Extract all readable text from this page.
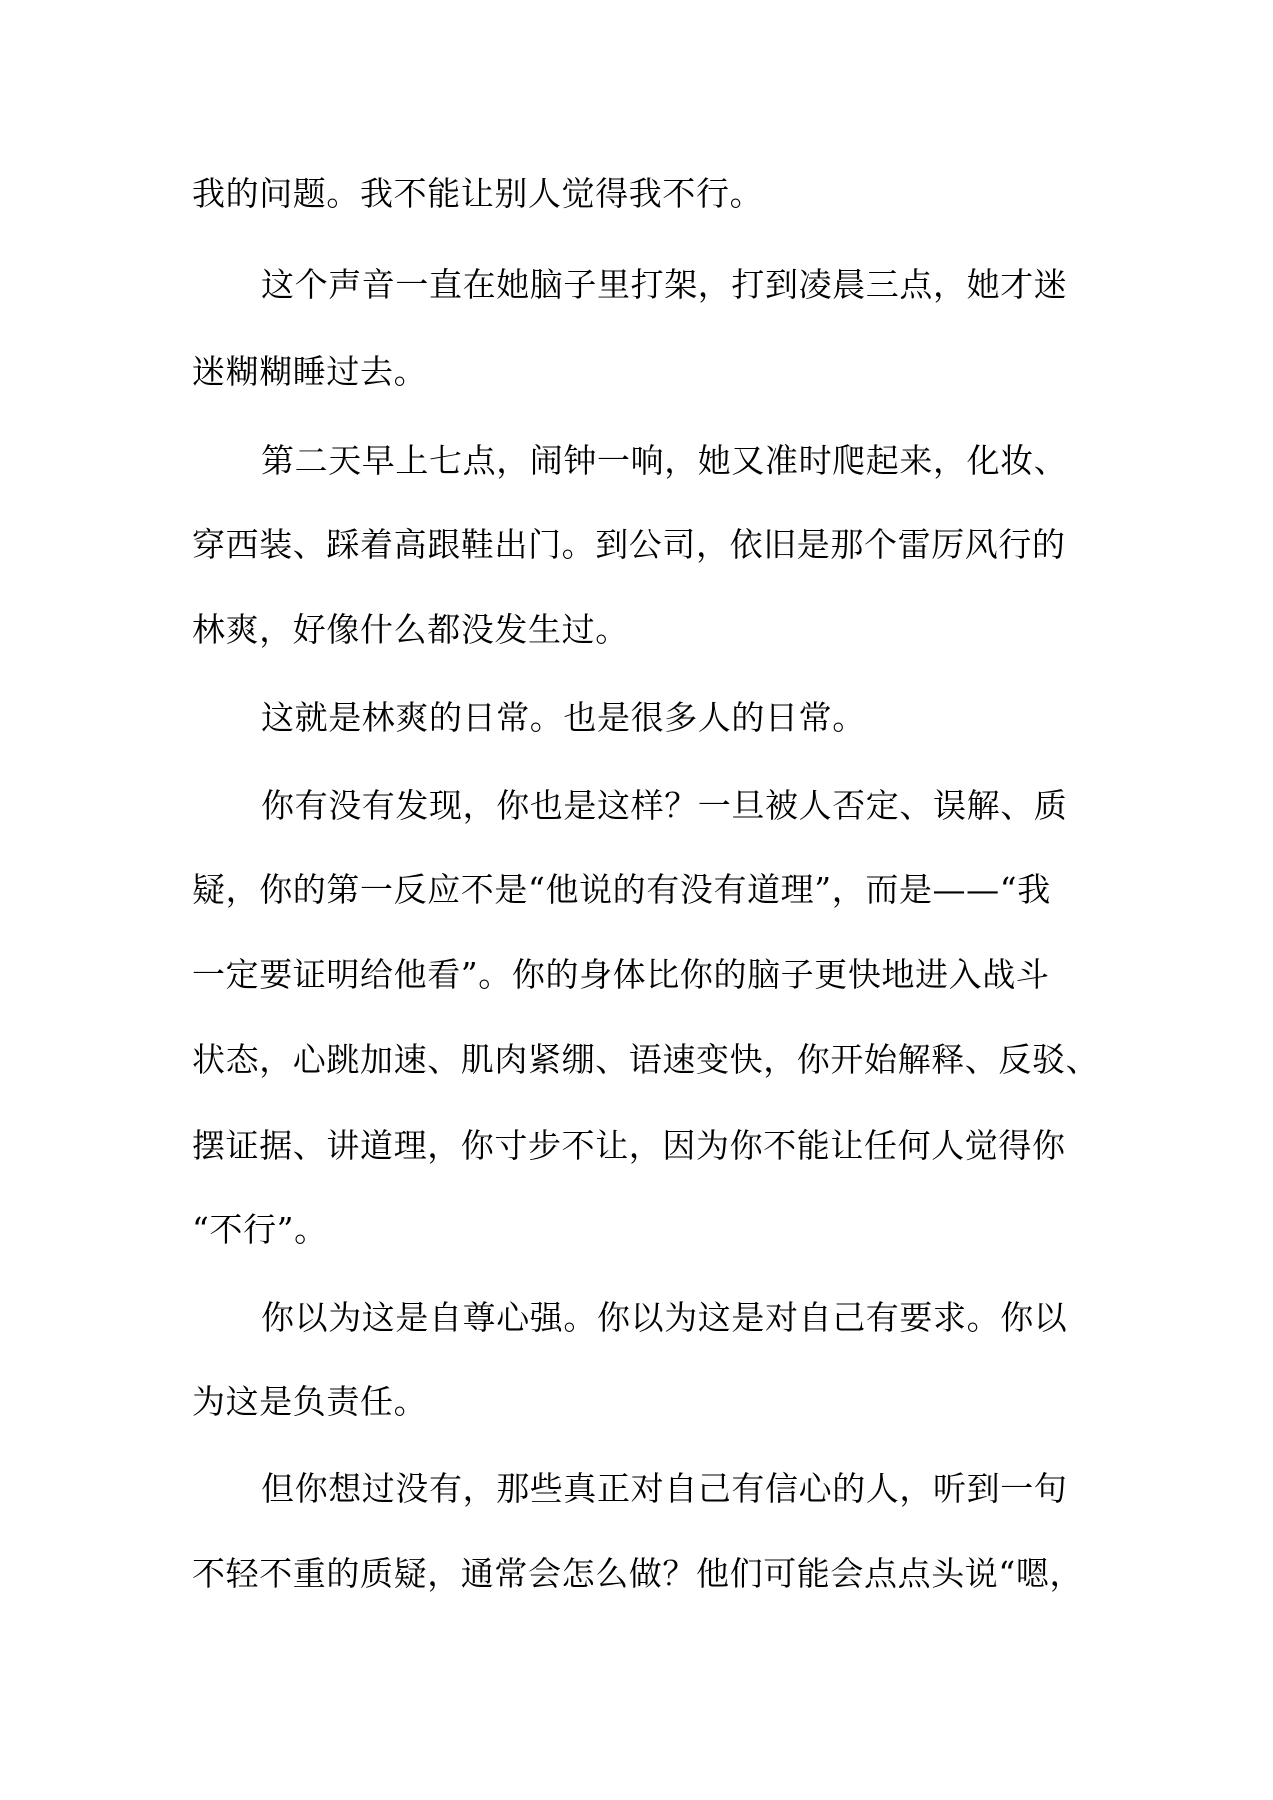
我的问题。我不能让别人觉得我不行。
这个声音一直在她脑子里打架，打到凌晨三点，她才迷
迷糊糊睡过去。
第二天早上七点，闹钟一响，她又准时爬起来，化妆、
穿西装、踩着高跟鞋出门。到公司，依旧是那个雷厉风行的
林爽，好像什么都没发生过。
这就是林爽的日常。也是很多人的日常。
你有没有发现，你也是这样？一旦被人否定、误解、质
疑，你的第一反应不是“他说的有没有道理”，而是——“我
一定要证明给他看”。你的身体比你的脑子更快地进入战斗
状态，心跳加速、肌肉紧绷、语速变快，你开始解释、反驳、
摆证据、讲道理，你寸步不让，因为你不能让任何人觉得你
“不行”。
你以为这是自尊心强。你以为这是对自己有要求。你以
为这是负责任。
但你想过没有，那些真正对自己有信心的人，听到一句
不轻不重的质疑，通常会怎么做？他们可能会点点头说“嗯，
